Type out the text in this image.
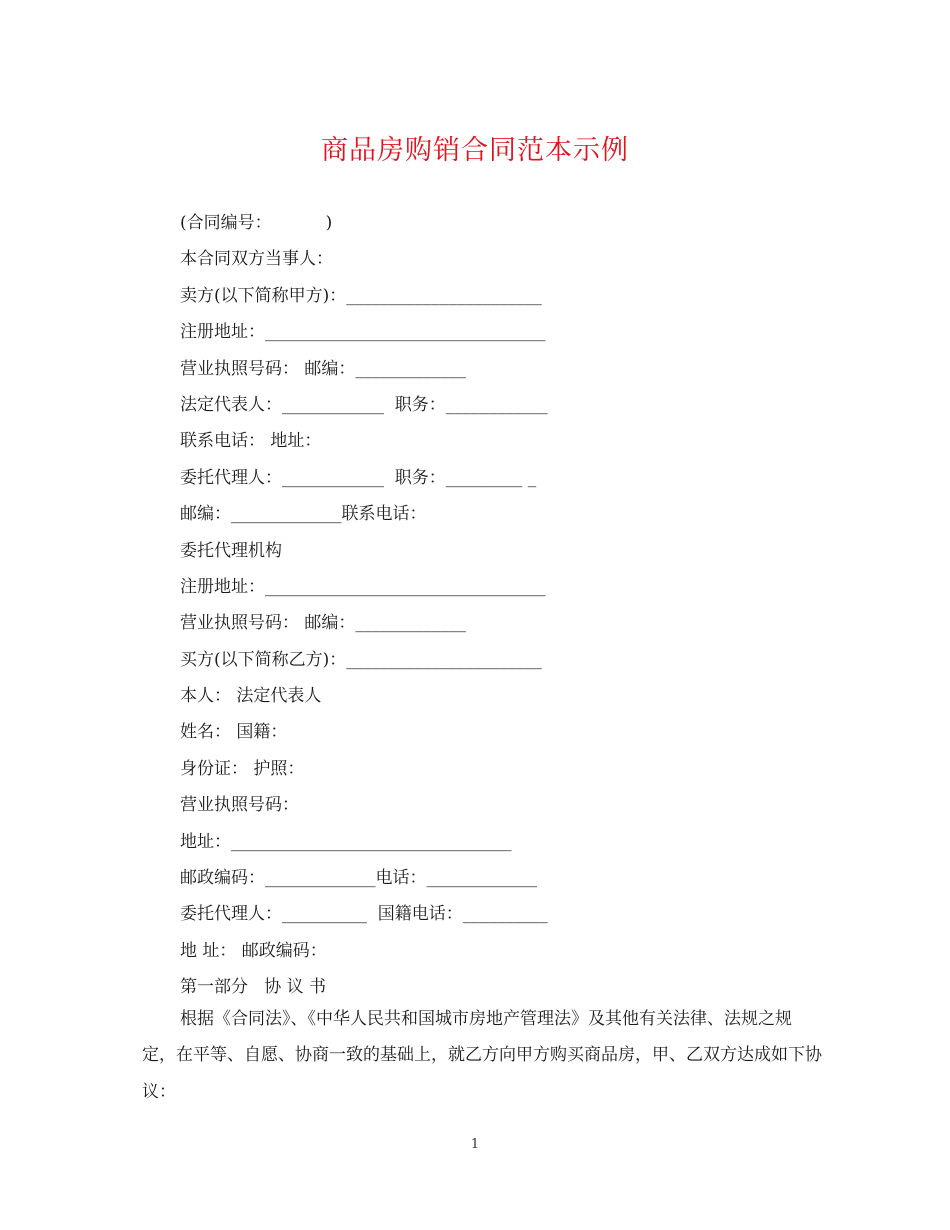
商品房购销合同范本示例
(合同编号：          )
本合同双方当事人：
卖方(以下简称甲方)：_______________________
注册地址：_________________________________
营业执照号码： 邮编：_____________
法定代表人：____________  职务：____________
联系电话： 地址：
委托代理人：____________  职务：_________ _
邮编：_____________联系电话：
委托代理机构
注册地址：_________________________________
营业执照号码： 邮编：_____________
买方(以下简称乙方)：_______________________
本人： 法定代表人
姓名： 国籍：
身份证： 护照：
营业执照号码：
地址：_________________________________
邮政编码：_____________电话：_____________
委托代理人：__________  国籍电话：__________
地 址： 邮政编码：
第一部分   协 议 书
根据《合同法》、《中华人民共和国城市房地产管理法》及其他有关法律、法规之规定，在平等、自愿、协商一致的基础上，就乙方向甲方购买商品房，甲、乙双方达成如下协议：
1
